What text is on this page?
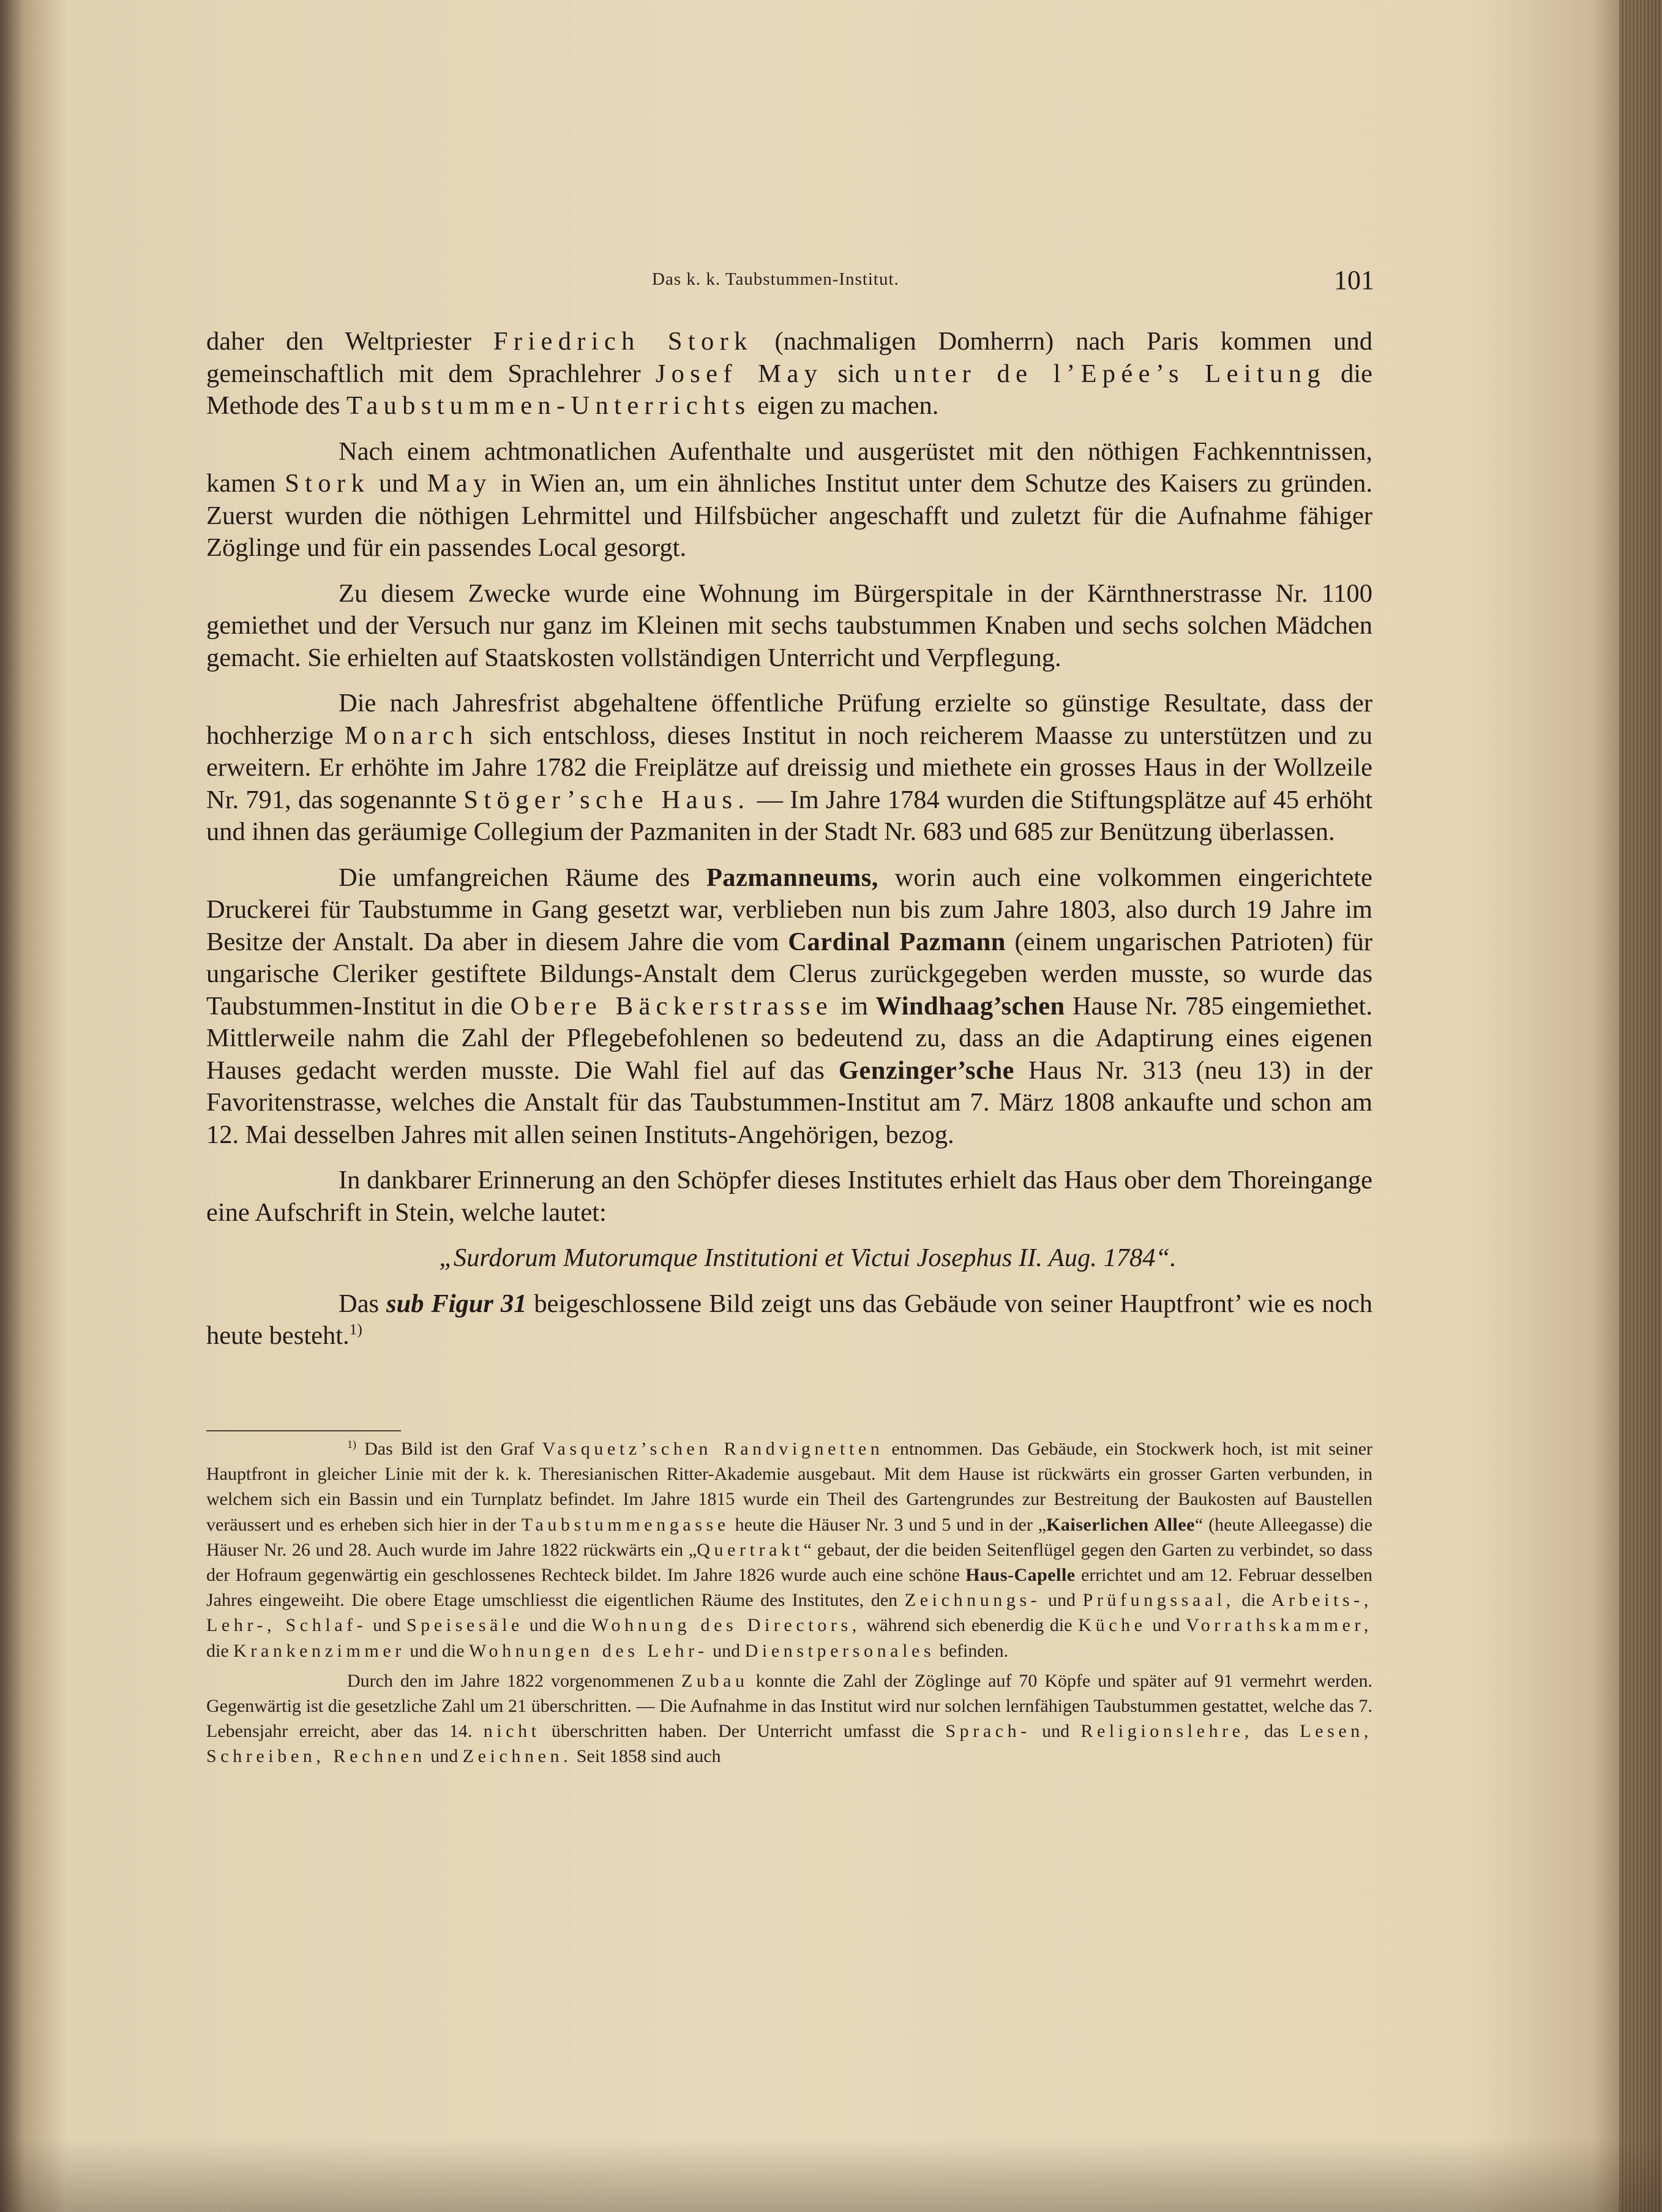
Das k. k. Taubstummen-Institut.	101

daher den Weltpriester Friedrich Stork (nachmaligen Domherrn) nach Paris kommen und gemeinschaftlich mit dem Sprachlehrer Josef May sich unter de l’Epée’s Leitung die Methode des Taubstummen-Unterrichts eigen zu machen.

Nach einem achtmonatlichen Aufenthalte und ausgerüstet mit den nöthigen Fachkenntnissen, kamen Stork und May in Wien an, um ein ähnliches Institut unter dem Schutze des Kaisers zu gründen. Zuerst wurden die nöthigen Lehrmittel und Hilfsbücher angeschafft und zuletzt für die Aufnahme fähiger Zöglinge und für ein passendes Local gesorgt.

Zu diesem Zwecke wurde eine Wohnung im Bürgerspitale in der Kärnthnerstrasse Nr. 1100 gemiethet und der Versuch nur ganz im Kleinen mit sechs taubstummen Knaben und sechs solchen Mädchen gemacht. Sie erhielten auf Staatskosten vollständigen Unterricht und Verpflegung.

Die nach Jahresfrist abgehaltene öffentliche Prüfung erzielte so günstige Resultate, dass der hochherzige Monarch sich entschloss, dieses Institut in noch reicherem Maasse zu unterstützen und zu erweitern. Er erhöhte im Jahre 1782 die Freiplätze auf dreissig und miethete ein grosses Haus in der Wollzeile Nr. 791, das sogenannte Stöger’sche Haus. — Im Jahre 1784 wurden die Stiftungsplätze auf 45 erhöht und ihnen das geräumige Collegium der Pazmaniten in der Stadt Nr. 683 und 685 zur Benützung überlassen.

Die umfangreichen Räume des Pazmanneums, worin auch eine volkommen eingerichtete Druckerei für Taubstumme in Gang gesetzt war, verblieben nun bis zum Jahre 1803, also durch 19 Jahre im Besitze der Anstalt. Da aber in diesem Jahre die vom Cardinal Pazmann (einem ungarischen Patrioten) für ungarische Cleriker gestiftete Bildungs-Anstalt dem Clerus zurückgegeben werden musste, so wurde das Taubstummen-Institut in die Obere Bäckerstrasse im Windhaag’schen Hause Nr. 785 eingemiethet. Mittlerweile nahm die Zahl der Pflegebefohlenen so bedeutend zu, dass an die Adaptirung eines eigenen Hauses gedacht werden musste. Die Wahl fiel auf das Genzinger’sche Haus Nr. 313 (neu 13) in der Favoritenstrasse, welches die Anstalt für das Taubstummen-Institut am 7. März 1808 ankaufte und schon am 12. Mai desselben Jahres mit allen seinen Instituts-Angehörigen, bezog.

In dankbarer Erinnerung an den Schöpfer dieses Institutes erhielt das Haus ober dem Thoreingange eine Aufschrift in Stein, welche lautet:

„Surdorum Mutorumque Institutioni et Victui Josephus II. Aug. 1784“.

Das sub Figur 31 beigeschlossene Bild zeigt uns das Gebäude von seiner Hauptfront’ wie es noch heute besteht.$^{1)}$

$^{1)}$ Das Bild ist den Graf Vasquetz’schen Randvignetten entnommen. Das Gebäude, ein Stockwerk hoch, ist mit seiner Hauptfront in gleicher Linie mit der k. k. Theresianischen Ritter-Akademie ausgebaut. Mit dem Hause ist rückwärts ein grosser Garten verbunden, in welchem sich ein Bassin und ein Turnplatz befindet. Im Jahre 1815 wurde ein Theil des Gartengrundes zur Bestreitung der Baukosten auf Baustellen veräussert und es erheben sich hier in der Taubstummengasse heute die Häuser Nr. 3 und 5 und in der „Kaiserlichen Allee“ (heute Alleegasse) die Häuser Nr. 26 und 28. Auch wurde im Jahre 1822 rückwärts ein „Quertrakt“ gebaut, der die beiden Seitenflügel gegen den Garten zu verbindet, so dass der Hofraum gegenwärtig ein geschlossenes Rechteck bildet. Im Jahre 1826 wurde auch eine schöne Haus-Capelle errichtet und am 12. Februar desselben Jahres eingeweiht. Die obere Etage umschliesst die eigentlichen Räume des Institutes, den Zeichnungs- und Prüfungssaal, die Arbeits-, Lehr-, Schlaf- und Speisesäle und die Wohnung des Directors, während sich ebenerdig die Küche und Vorrathskammer, die Krankenzimmer und die Wohnungen des Lehr- und Dienstpersonales befinden.

Durch den im Jahre 1822 vorgenommenen Zubau konnte die Zahl der Zöglinge auf 70 Köpfe und später auf 91 vermehrt werden. Gegenwärtig ist die gesetzliche Zahl um 21 überschritten. — Die Aufnahme in das Institut wird nur solchen lernfähigen Taubstummen gestattet, welche das 7. Lebensjahr erreicht, aber das 14. nicht überschritten haben. Der Unterricht umfasst die Sprach- und Religionslehre, das Lesen, Schreiben, Rechnen und Zeichnen. Seit 1858 sind auch
